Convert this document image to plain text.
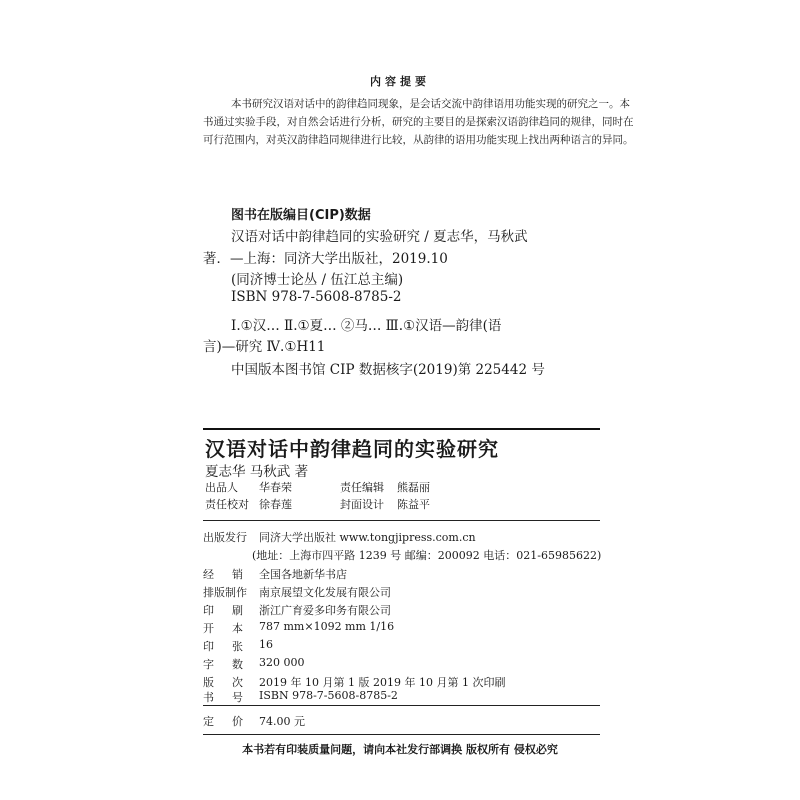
内容提要
本书研究汉语对话中的韵律趋同现象，是会话交流中韵律语用功能实现的研究之一。本
书通过实验手段，对自然会话进行分析，研究的主要目的是探索汉语韵律趋同的规律，同时在
可行范围内，对英汉韵律趋同规律进行比较，从韵律的语用功能实现上找出两种语言的异同。
图书在版编目(CIP)数据
汉语对话中韵律趋同的实验研究 / 夏志华，马秋武
著．—上海：同济大学出版社，2019.10
(同济博士论丛 / 伍江总主编)
ISBN 978-7-5608-8785-2
Ⅰ.①汉… Ⅱ.①夏… ②马… Ⅲ.①汉语—韵律(语
言)—研究 Ⅳ.①H11
中国版本图书馆 CIP 数据核字(2019)第 225442 号
汉语对话中韵律趋同的实验研究
夏志华 马秋武 著
出品人 华春荣	责任编辑 熊磊丽
责任校对 徐春莲	封面设计 陈益平
出版发行 同济大学出版社 www.tongjipress.com.cn
(地址：上海市四平路 1239 号 邮编：200092 电话：021-65985622)
经销
全国各地新华书店
排版制作 南京展望文化发展有限公司
印刷
浙江广育爱多印务有限公司
开本
787 mm×1092 mm 1/16
印张
16
字数
320 000
版次
2019 年 10 月第 1 版 2019 年 10 月第 1 次印刷
书号
ISBN 978-7-5608-8785-2
定价
74.00 元
本书若有印装质量问题，请向本社发行部调换 版权所有 侵权必究
